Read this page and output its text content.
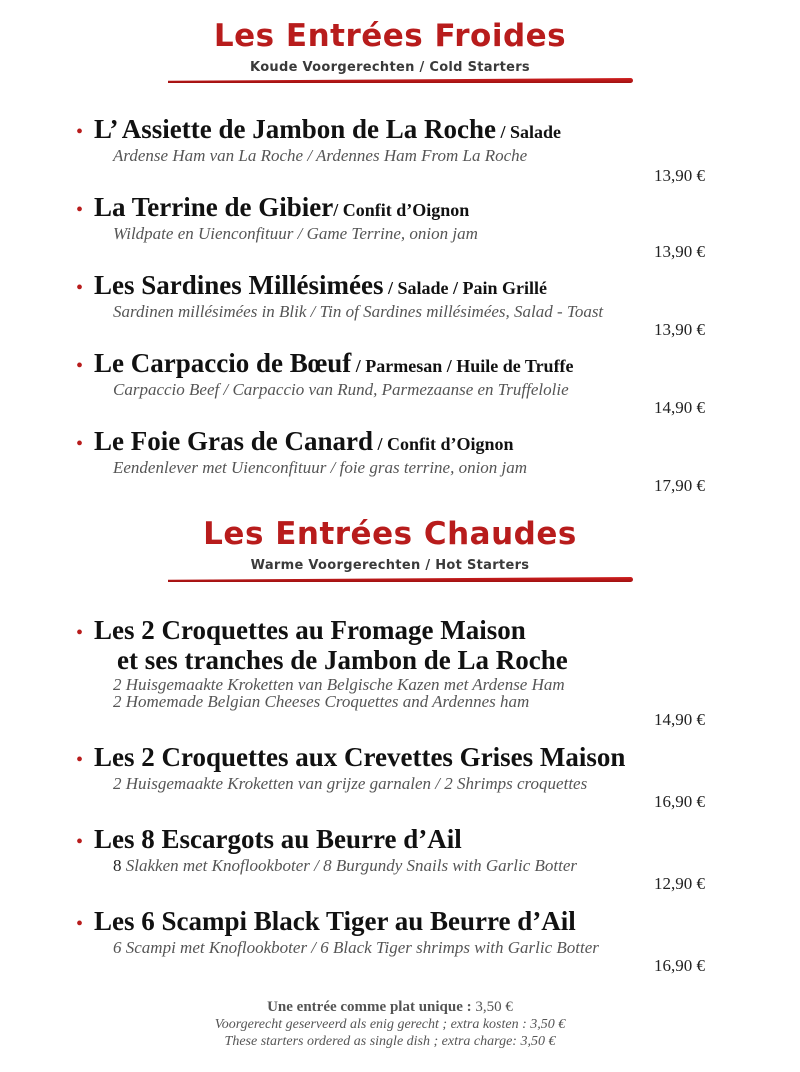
Les Entrées Froides
Koude Voorgerechten / Cold Starters
• L’ Assiette de Jambon de La Roche / Salade
Ardense Ham van La Roche / Ardennes Ham From La Roche
13,90 €
• La Terrine de Gibier/ Confit d’Oignon
Wildpate en Uienconfituur / Game Terrine, onion jam
13,90 €
• Les Sardines Millésimées / Salade / Pain Grillé
Sardinen millésimées in Blik / Tin of Sardines millésimées, Salad - Toast
13,90 €
• Le Carpaccio de Bœuf / Parmesan / Huile de Truffe
Carpaccio Beef / Carpaccio van Rund, Parmezaanse en Truffelolie
14,90 €
• Le Foie Gras de Canard / Confit d’Oignon
Eendenlever met Uienconfituur / foie gras terrine, onion jam
17,90 €
Les Entrées Chaudes
Warme Voorgerechten / Hot Starters
• Les 2 Croquettes au Fromage Maison
et ses tranches de Jambon de La Roche
2 Huisgemaakte Kroketten van Belgische Kazen met Ardense Ham
2 Homemade Belgian Cheeses Croquettes and Ardennes ham
14,90 €
• Les 2 Croquettes aux Crevettes Grises Maison
2 Huisgemaakte Kroketten van grijze garnalen / 2 Shrimps croquettes
16,90 €
• Les 8 Escargots au Beurre d’Ail
8 Slakken met Knoflookboter / 8 Burgundy Snails with Garlic Botter
12,90 €
• Les 6 Scampi Black Tiger au Beurre d’Ail
6 Scampi met Knoflookboter / 6 Black Tiger shrimps with Garlic Botter
16,90 €
Une entrée comme plat unique : 3,50 €
Voorgerecht geserveerd als enig gerecht ; extra kosten : 3,50 €
These starters ordered as single dish ; extra charge: 3,50 €
